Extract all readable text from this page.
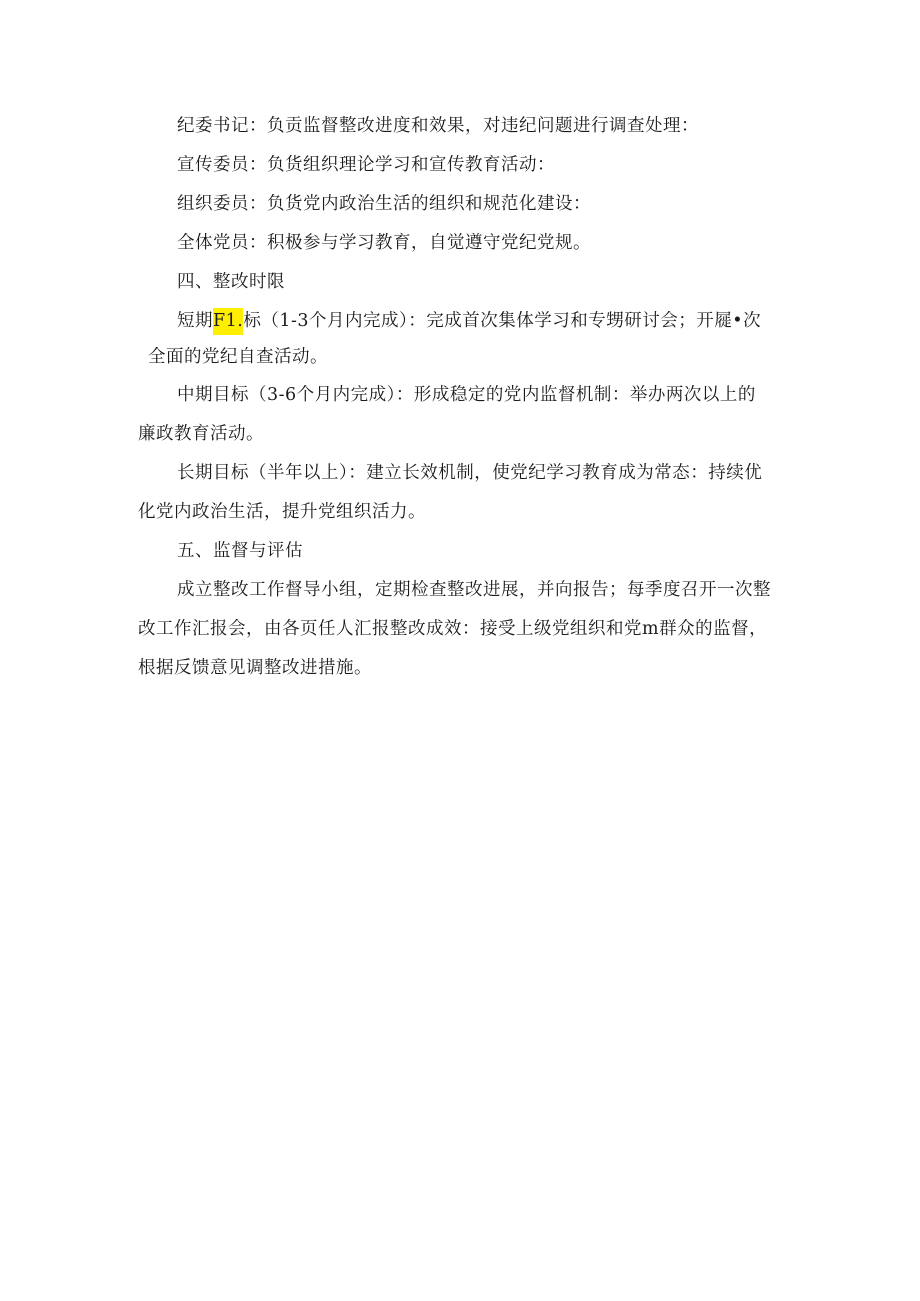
纪委书记：负贡监督整改进度和效果，对违纪问题进行调查处理：
宣传委员：负货组织理论学习和宣传教育活动：
组织委员：负货党内政治生活的组织和规范化建设：
全体党员：积极参与学习教育，自觉遵守党纪党规。
四、整改时限
短期F1.标（1-3个月内完成）：完成首次集体学习和专甥研讨会；开屣•次
全面的党纪自查活动。
中期目标（3-6个月内完成）：形成稳定的党内监督机制：举办两次以上的
廉政教育活动。
长期目标（半年以上）：建立长效机制，使党纪学习教育成为常态：持续优
化党内政治生活，提升党组织活力。
五、监督与评估
成立整改工作督导小组，定期检查整改进展，并向报告；每季度召开一次整
改工作汇报会，由各页任人汇报整改成效：接受上级党组织和党m群众的监督，
根据反馈意见调整改进措施。
